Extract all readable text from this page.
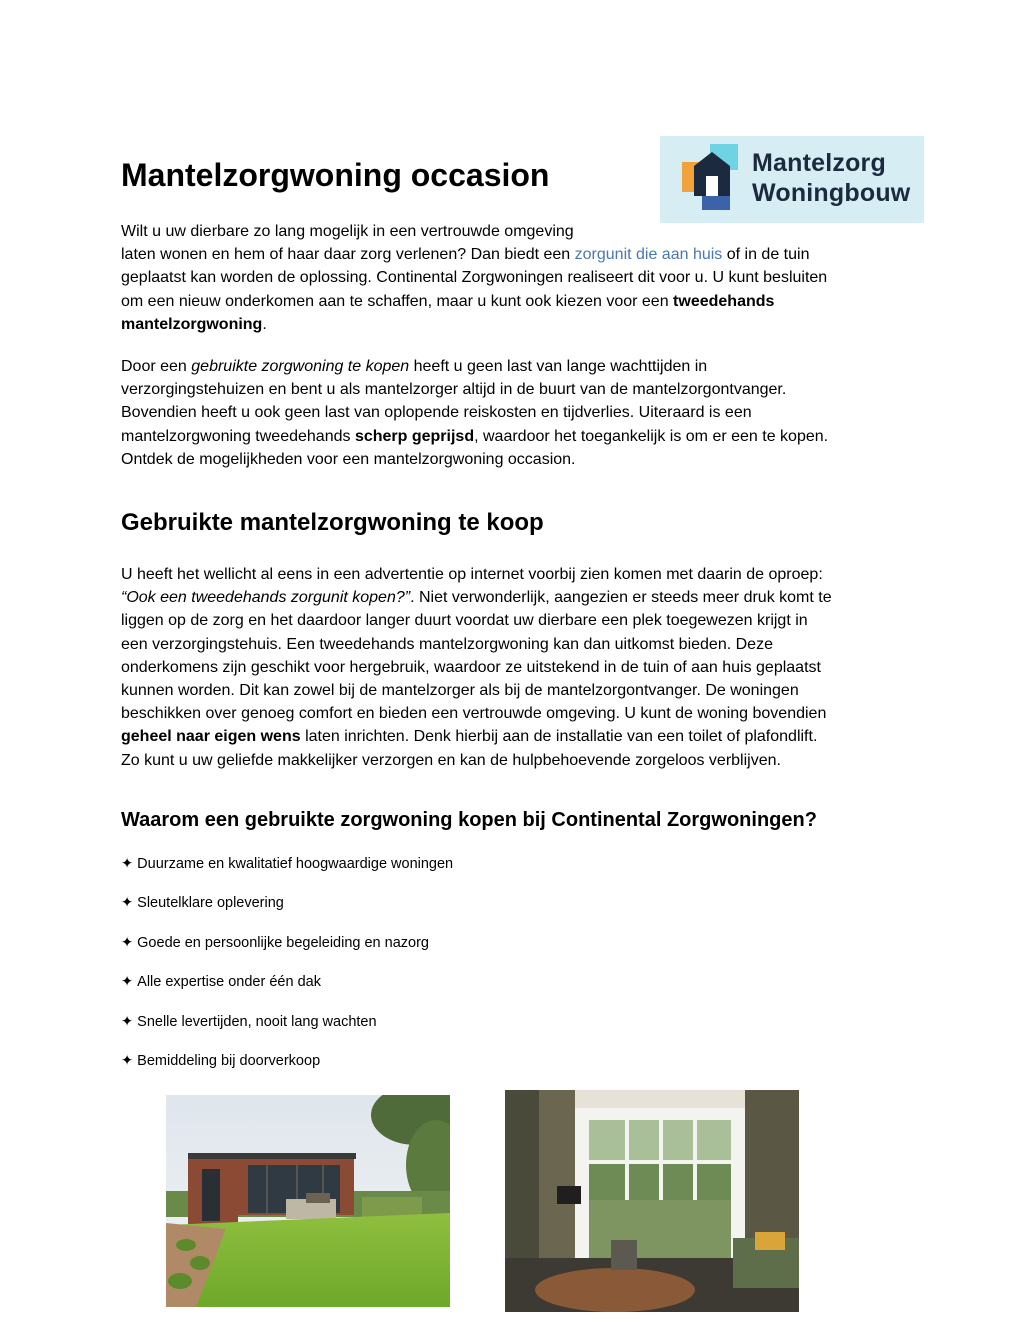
Mantelzorg
Woningbouw
Mantelzorgwoning occasion
Wilt u uw dierbare zo lang mogelijk in een vertrouwde omgeving
laten wonen en hem of haar daar zorg verlenen? Dan biedt een zorgunit die aan huis of in de tuin
geplaatst kan worden de oplossing. Continental Zorgwoningen realiseert dit voor u. U kunt besluiten
om een nieuw onderkomen aan te schaffen, maar u kunt ook kiezen voor een tweedehands
mantelzorgwoning.
Door een gebruikte zorgwoning te kopen heeft u geen last van lange wachttijden in
verzorgingstehuizen en bent u als mantelzorger altijd in de buurt van de mantelzorgontvanger.
Bovendien heeft u ook geen last van oplopende reiskosten en tijdverlies. Uiteraard is een
mantelzorgwoning tweedehands scherp geprijsd, waardoor het toegankelijk is om er een te kopen.
Ontdek de mogelijkheden voor een mantelzorgwoning occasion.
Gebruikte mantelzorgwoning te koop
U heeft het wellicht al eens in een advertentie op internet voorbij zien komen met daarin de oproep:
“Ook een tweedehands zorgunit kopen?”. Niet verwonderlijk, aangezien er steeds meer druk komt te
liggen op de zorg en het daardoor langer duurt voordat uw dierbare een plek toegewezen krijgt in
een verzorgingstehuis. Een tweedehands mantelzorgwoning kan dan uitkomst bieden. Deze
onderkomens zijn geschikt voor hergebruik, waardoor ze uitstekend in de tuin of aan huis geplaatst
kunnen worden. Dit kan zowel bij de mantelzorger als bij de mantelzorgontvanger. De woningen
beschikken over genoeg comfort en bieden een vertrouwde omgeving. U kunt de woning bovendien
geheel naar eigen wens laten inrichten. Denk hierbij aan de installatie van een toilet of plafondlift.
Zo kunt u uw geliefde makkelijker verzorgen en kan de hulpbehoevende zorgeloos verblijven.
Waarom een gebruikte zorgwoning kopen bij Continental Zorgwoningen?
✦ Duurzame en kwalitatief hoogwaardige woningen
✦ Sleutelklare oplevering
✦ Goede en persoonlijke begeleiding en nazorg
✦ Alle expertise onder één dak
✦ Snelle levertijden, nooit lang wachten
✦ Bemiddeling bij doorverkoop
